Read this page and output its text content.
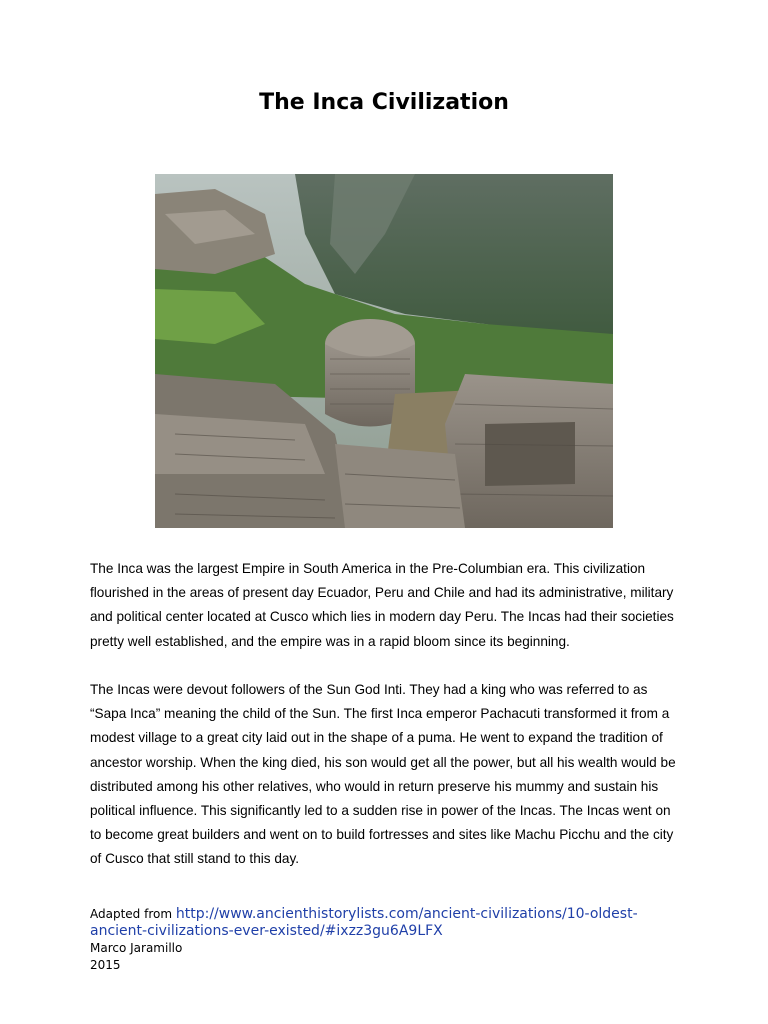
The Inca Civilization

The Inca was the largest Empire in South America in the Pre-Columbian era. This civilization flourished in the areas of present day Ecuador, Peru and Chile and had its administrative, military and political center located at Cusco which lies in modern day Peru. The Incas had their societies pretty well established, and the empire was in a rapid bloom since its beginning.

The Incas were devout followers of the Sun God Inti. They had a king who was referred to as “Sapa Inca” meaning the child of the Sun. The first Inca emperor Pachacuti transformed it from a modest village to a great city laid out in the shape of a puma. He went to expand the tradition of ancestor worship. When the king died, his son would get all the power, but all his wealth would be distributed among his other relatives, who would in return preserve his mummy and sustain his political influence. This significantly led to a sudden rise in power of the Incas. The Incas went on to become great builders and went on to build fortresses and sites like Machu Picchu and the city of Cusco that still stand to this day.

Adapted from http://www.ancienthistorylists.com/ancient-civilizations/10-oldest-ancient-civilizations-ever-existed/#ixzz3gu6A9LFX
Marco Jaramillo
2015
